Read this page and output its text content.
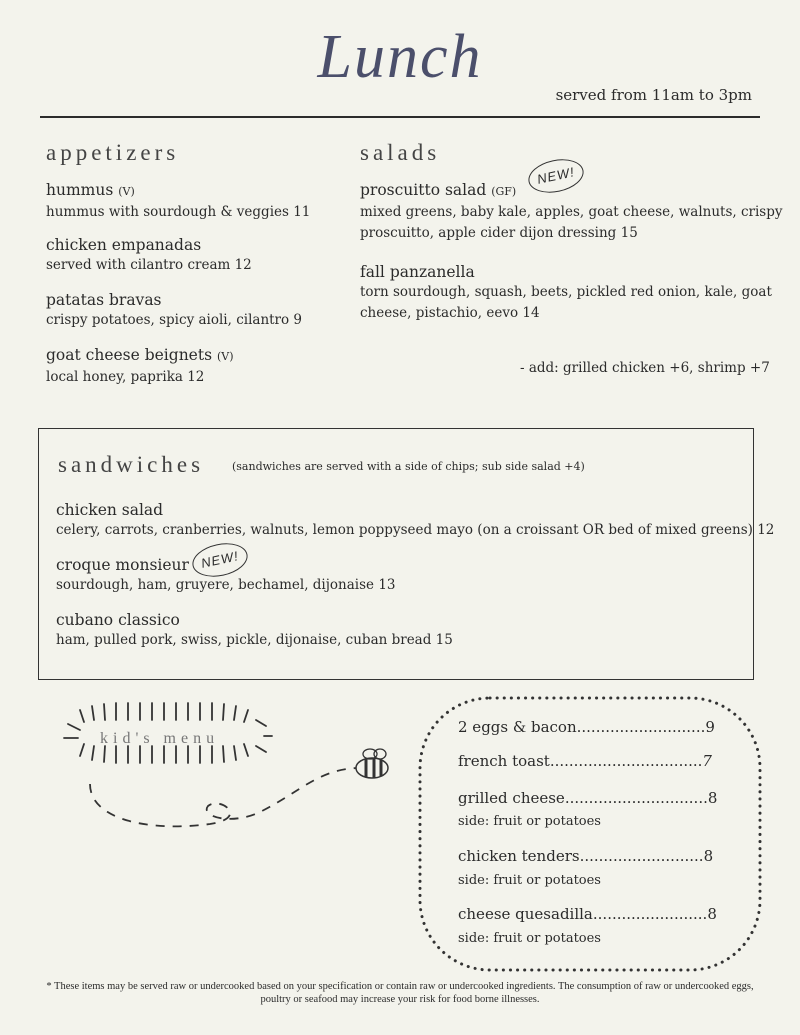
Lunch
served from 11am to 3pm
appetizers

hummus (V)

hummus with sourdough & veggies 11

chicken empanadas

served with cilantro cream 12

patatas bravas

crispy potatoes, spicy aioli, cilantro 9

goat cheese beignets (V)

local honey, paprika 12

salads
NEW!

proscuitto salad (GF)

mixed greens, baby kale, apples, goat cheese, walnuts, crispy

proscuitto, apple cider dijon dressing 15

fall panzanella

torn sourdough, squash, beets, pickled red onion, kale, goat

cheese, pistachio, eevo 14

- add: grilled chicken +6, shrimp +7
sandwiches	(sandwiches are served with a side of chips; sub side salad +4)

chicken salad

celery, carrots, cranberries, walnuts, lemon poppyseed mayo (on a croissant OR bed of mixed greens) 12

croque monsieur

sourdough, ham, gruyere, bechamel, dijonaise 13

NEW!

cubano classico

ham, pulled pork, swiss, pickle, dijonaise, cuban bread 15

kid's menu
2 eggs & bacon...........................9
french toast................................7
grilled cheese..............................8
side: fruit or potatoes
chicken tenders..........................8
side: fruit or potatoes
cheese quesadilla........................8
side: fruit or potatoes
* These items may be served raw or undercooked based on your specification or contain raw or undercooked ingredients. The consumption of raw or undercooked eggs,
poultry or seafood may increase your risk for food borne illnesses.
